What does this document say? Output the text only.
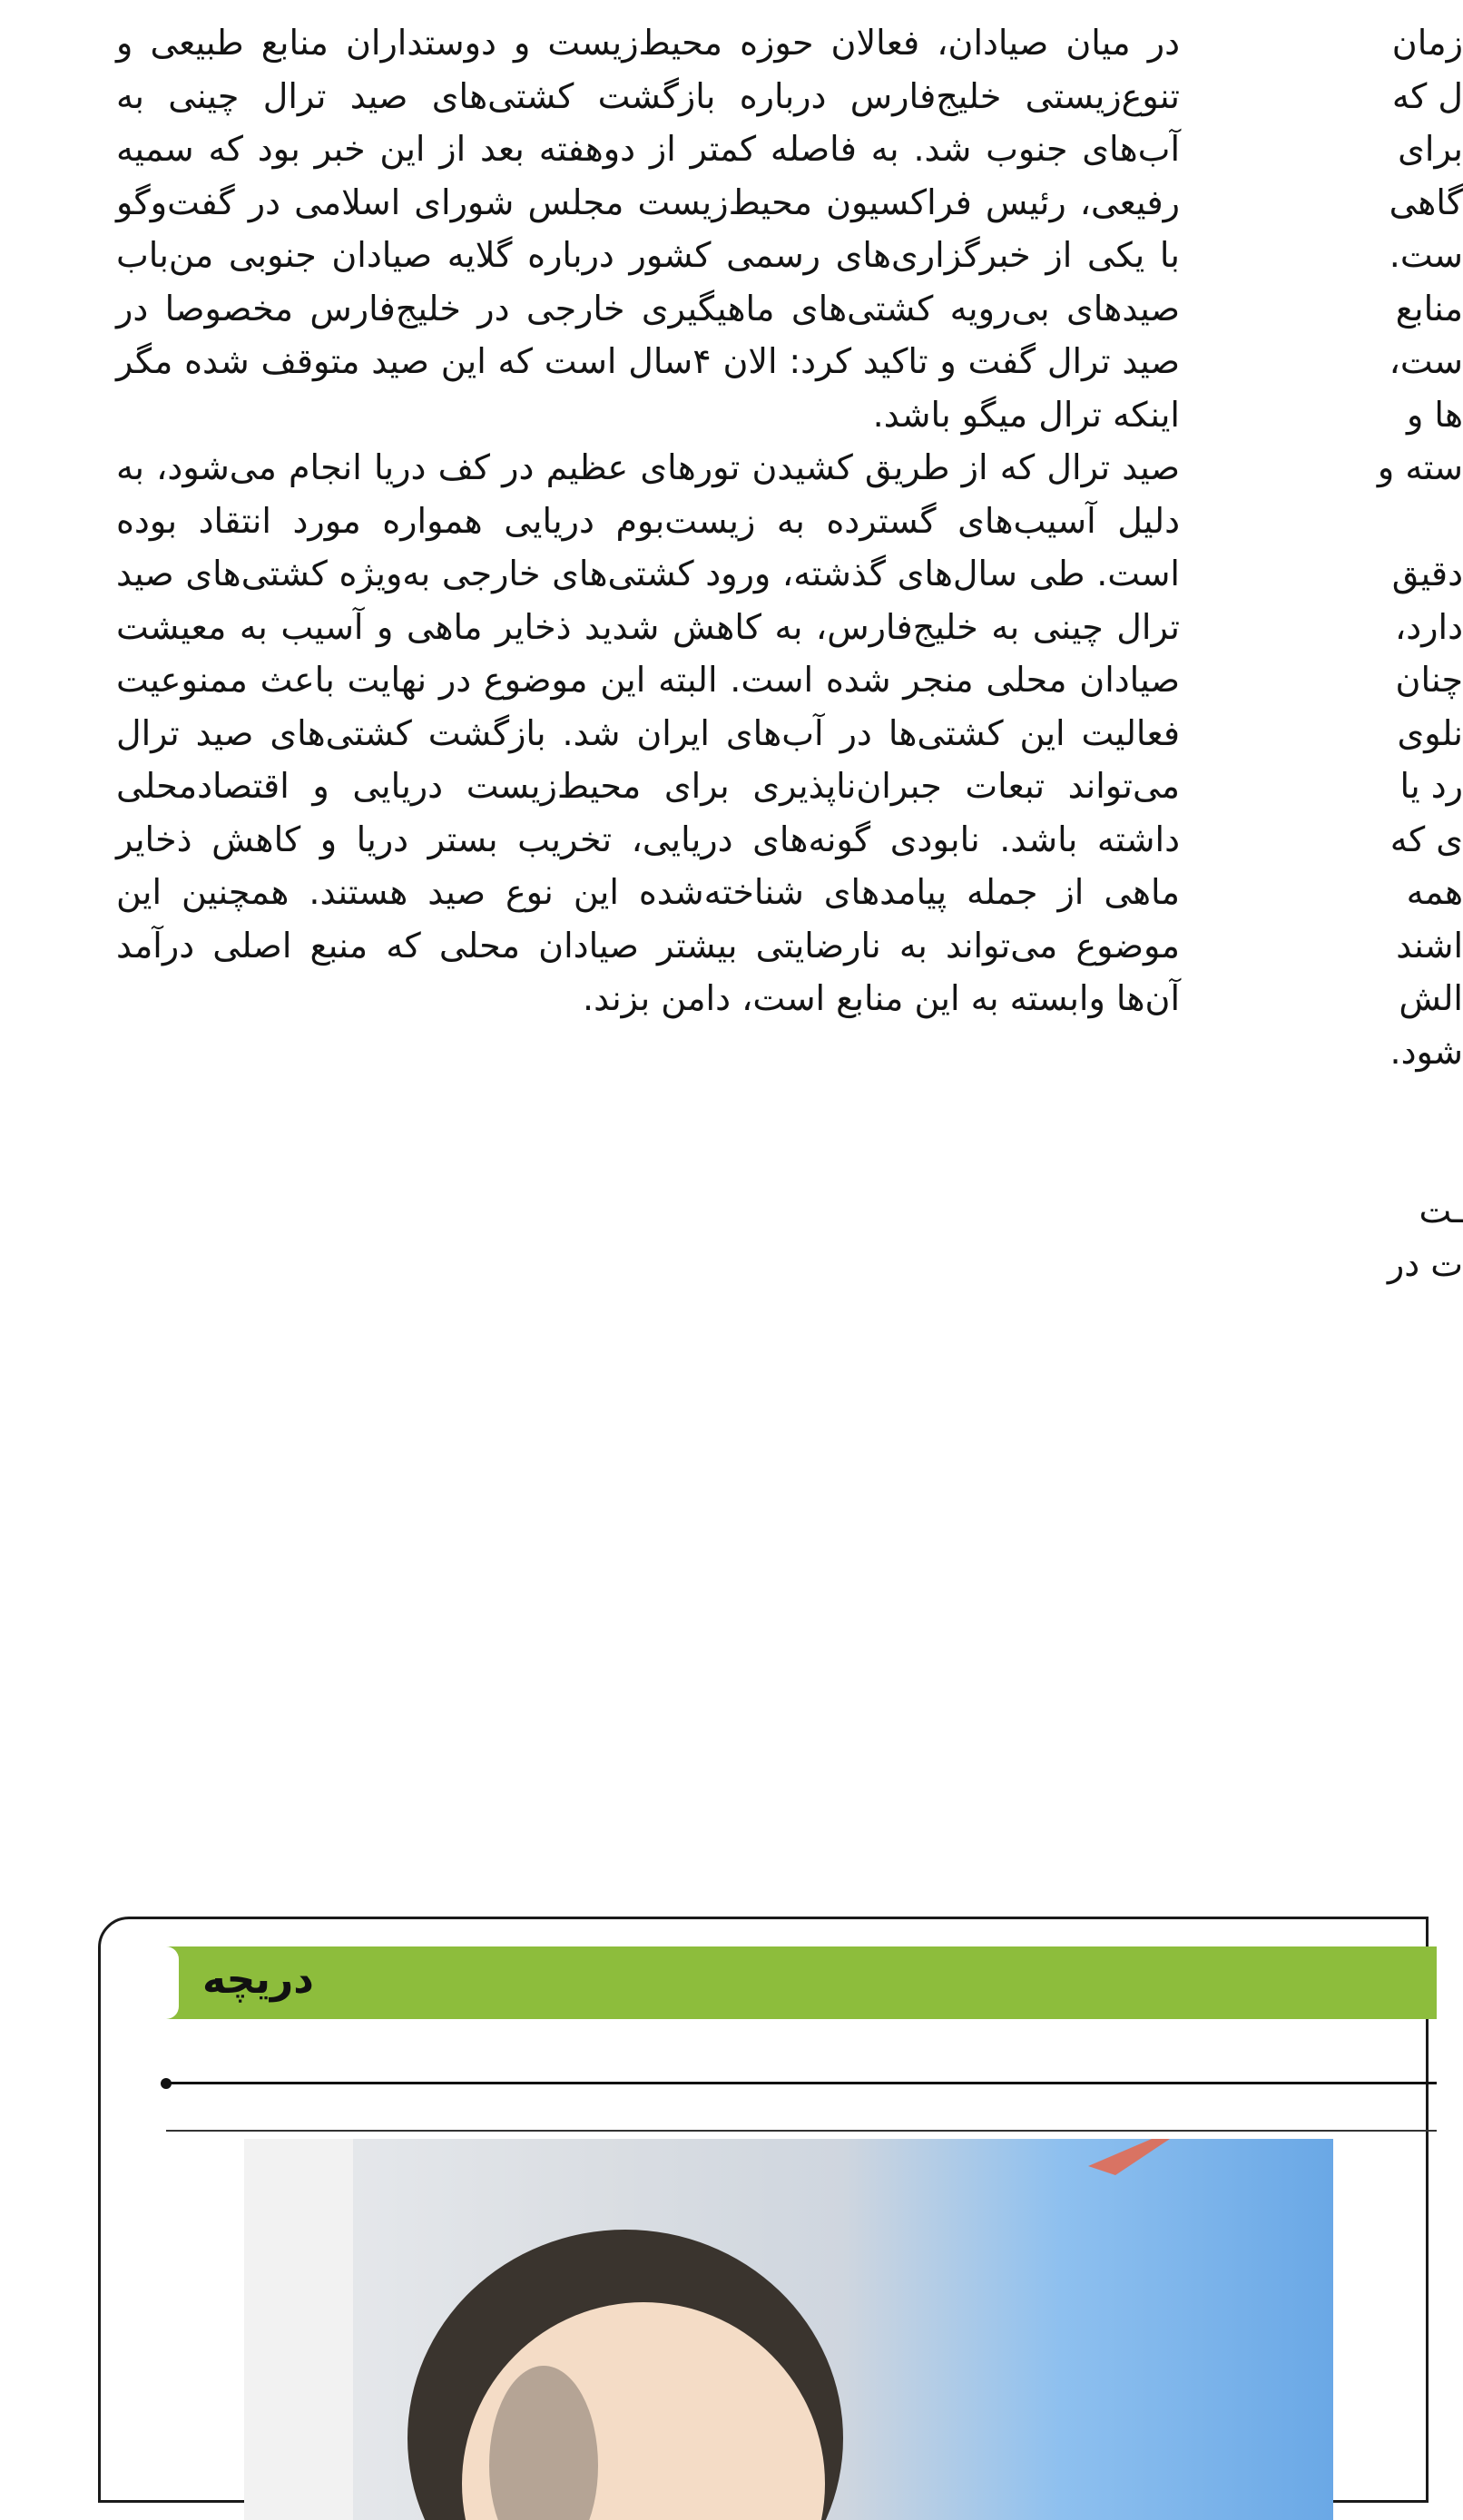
در میان صیادان، فعالان حوزه محیط‌زیست و دوستداران منابع طبیعی و تنوع‌زیستی خلیج‌فارس درباره بازگشت کشتی‌های صید ترال چینی به آب‌های جنوب شد. به فاصله کمتر از دوهفته بعد از این خبر بود که سمیه رفیعی، رئیس فراکسیون محیط‌زیست مجلس شورای اسلامی در گفت‌وگو با یکی از خبرگزاری‌های رسمی کشور درباره گلایه صیادان جنوبی من‌باب صیدهای بی‌رویه کشتی‌های ماهیگیری خارجی در خلیج‌فارس مخصوصا در صید ترال گفت و تاکید کرد: الان ۴سال است که این صید متوقف شده مگر اینکه ترال میگو باشد.

صید ترال که از طریق کشیدن تورهای عظیم در کف دریا انجام می‌شود، به دلیل آسیب‌های گسترده به زیست‌بوم دریایی همواره مورد انتقاد بوده است. طی سال‌های گذشته، ورود کشتی‌های خارجی به‌ویژه کشتی‌های صید ترال چینی به خلیج‌فارس، به کاهش شدید ذخایر ماهی و آسیب به معیشت صیادان محلی منجر شده است. البته این موضوع در نهایت باعث ممنوعیت فعالیت این کشتی‌ها در آب‌های ایران شد. بازگشت کشتی‌های صید ترال می‌تواند تبعات جبران‌ناپذیری برای محیط‌زیست دریایی و اقتصادمحلی داشته باشد. نابودی گونه‌های دریایی، تخریب بستر دریا و کاهش ذخایر ماهی از جمله پیامدهای شناخته‌شده این نوع صید هستند. همچنین این موضوع می‌تواند به نارضایتی بیشتر صیادان محلی که منبع اصلی درآمد آن‌ها وابسته به این منابع است، دامن بزند.

زمان
ل که
برای
گاهی
ست.
منابع
ست،
ها و
سته و
دقیق
دارد،
چنان
نلوی
رد یا
ی که
همه
اشند
الش
شود.
ـت
ت در
دریچه
